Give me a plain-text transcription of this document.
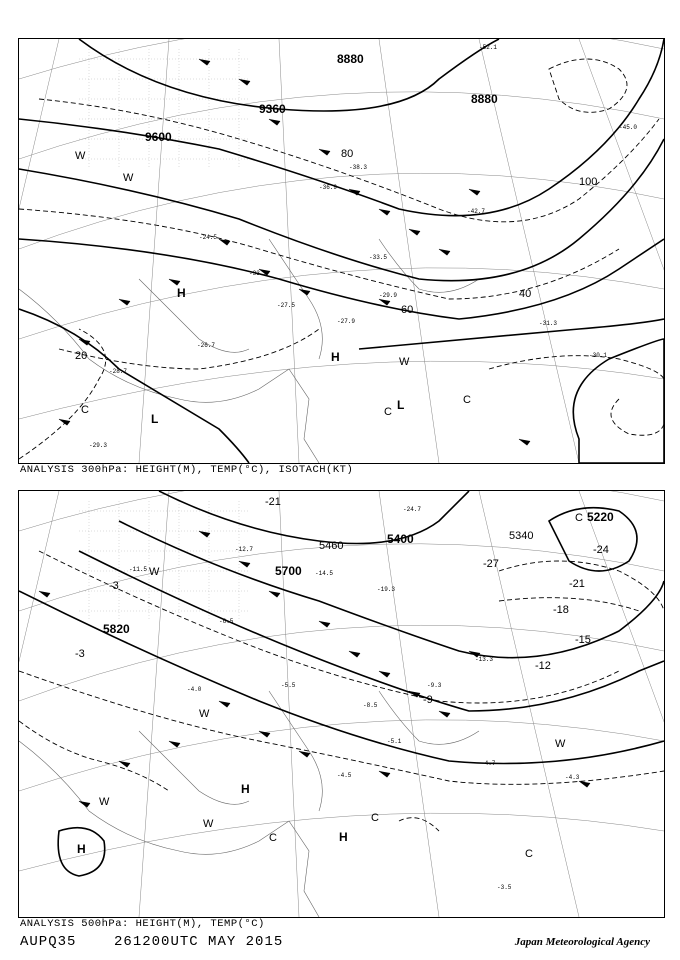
8880
8880
9360
9600
20
40
60
80
100
H
H
L
L
C
C
C
W
W
W
-52.1
-45.0
-38.3
-33.5
-29.9
-27.9
-28.7
-26.7
-24.5
-31.3
-29.3
-30.1
-27.5
-36.9
-42.7
-33.3
ANALYSIS 300hPa: HEIGHT(M), TEMP(°C), ISOTACH(KT)
5220
5340
5400
5460
5700
5820
-21
-24
-27
-21
-18
-15
-12
-9
-3
-3
H
H
H
C
C
C
C
W
W
W
W
W
-24.7
-19.3
-14.5
-12.7
-8.5
-5.1
-4.5
-4.7
-4.3
-3.5
-13.3
-11.5
-9.3
-6.5
-5.5
-4.0
ANALYSIS 500hPa: HEIGHT(M), TEMP(°C)
AUPQ35	261200UTC MAY 2015	Japan Meteorological Agency
